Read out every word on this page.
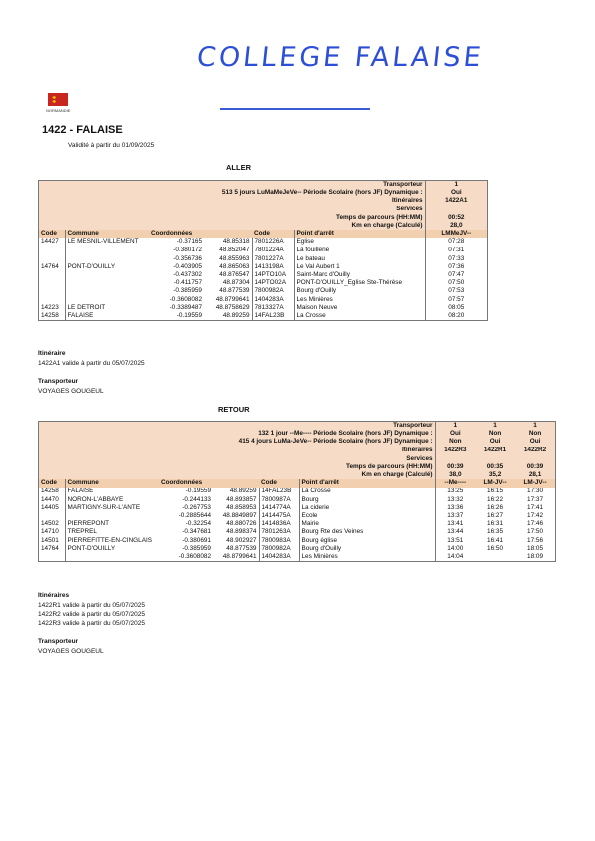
COLLEGE FALAISE
NORMANDIE
1422 - FALAISE
Validité à partir du 01/09/2025
ALLER
Transporteur						1
513 5 jours LuMaMeJeVe-- Période Scolaire (hors JF) Dynamique :						Oui
Itinéraires						1422A1
Services						
Temps de parcours (HH:MM)						00:52
Km en charge (Calculé)						28,0
Code	Commune	Coordonnées		Code	Point d'arrêt	LMMeJV--
14427	LE MESNIL-VILLEMENT	-0.37165	48.85318	7801226A	Eglise	07:28
		-0.380172	48.852047	7801224A	La fouillerie	07:31
		-0.356736	48.855963	7801227A	Le bateau	07:33
14764	PONT-D'OUILLY	-0.403905	48.865063	1413198A	Le Val Aubert 1	07:36
		-0.437302	48.876547	14PTO10A	Saint-Marc d'Ouilly	07:47
		-0.411757	48.87304	14PTO02A	PONT-D'OUILLY_Eglise Ste-Thérèse	07:50
		-0.385959	48.877539	7800982A	Bourg d'Ouilly	07:53
		-0.3608082	48.8799641	1404283A	Les Minières	07:57
14223	LE DETROIT	-0.3389487	48.8758629	7813327A	Maison Neuve	08:05
14258	FALAISE	-0.19559	48.89259	14FAL23B	La Crosse	08:20
Itinéraire
1422A1 valide à partir du 05/07/2025
Transporteur
VOYAGES GOUGEUL
RETOUR
Transporteur						1	1	1
132 1 jour --Me---- Période Scolaire (hors JF) Dynamique :						Oui	Non	Non
415 4 jours LuMa-JeVe-- Période Scolaire (hors JF) Dynamique :						Non	Oui	Oui
Itinéraires						1422R3	1422R1	1422R2
Services								
Temps de parcours (HH:MM)						00:39	00:35	00:39
Km en charge (Calculé)						38,0	35,2	28,1
Code	Commune	Coordonnées		Code	Point d'arrêt	--Me----	LM-JV--	LM-JV--
14258	FALAISE	-0.19559	48.89259	14FAL23B	La Crosse	13:25	16:15	17:30
14470	NORON-L'ABBAYE	-0.244133	48.893857	7800987A	Bourg	13:32	16:22	17:37
14405	MARTIGNY-SUR-L'ANTE	-0.267753	48.858953	1414774A	La ciderie	13:36	16:26	17:41
		-0.2885644	48.8849897	1414475A	Ecole	13:37	16:27	17:42
14502	PIERREPONT	-0.32254	48.880726	1414836A	Mairie	13:41	16:31	17:46
14710	TREPREL	-0.347681	48.898374	7801263A	Bourg Rte des Veines	13:44	16:35	17:50
14501	PIERREFITTE-EN-CINGLAIS	-0.380691	48.902927	7800983A	Bourg église	13:51	16:41	17:56
14764	PONT-D'OUILLY	-0.385959	48.877539	7800982A	Bourg d'Ouilly	14:00	16:50	18:05
		-0.3608082	48.8799641	1404283A	Les Minières	14:04		18:09
Itinéraires
1422R1 valide à partir du 05/07/2025
1422R2 valide à partir du 05/07/2025
1422R3 valide à partir du 05/07/2025
Transporteur
VOYAGES GOUGEUL
